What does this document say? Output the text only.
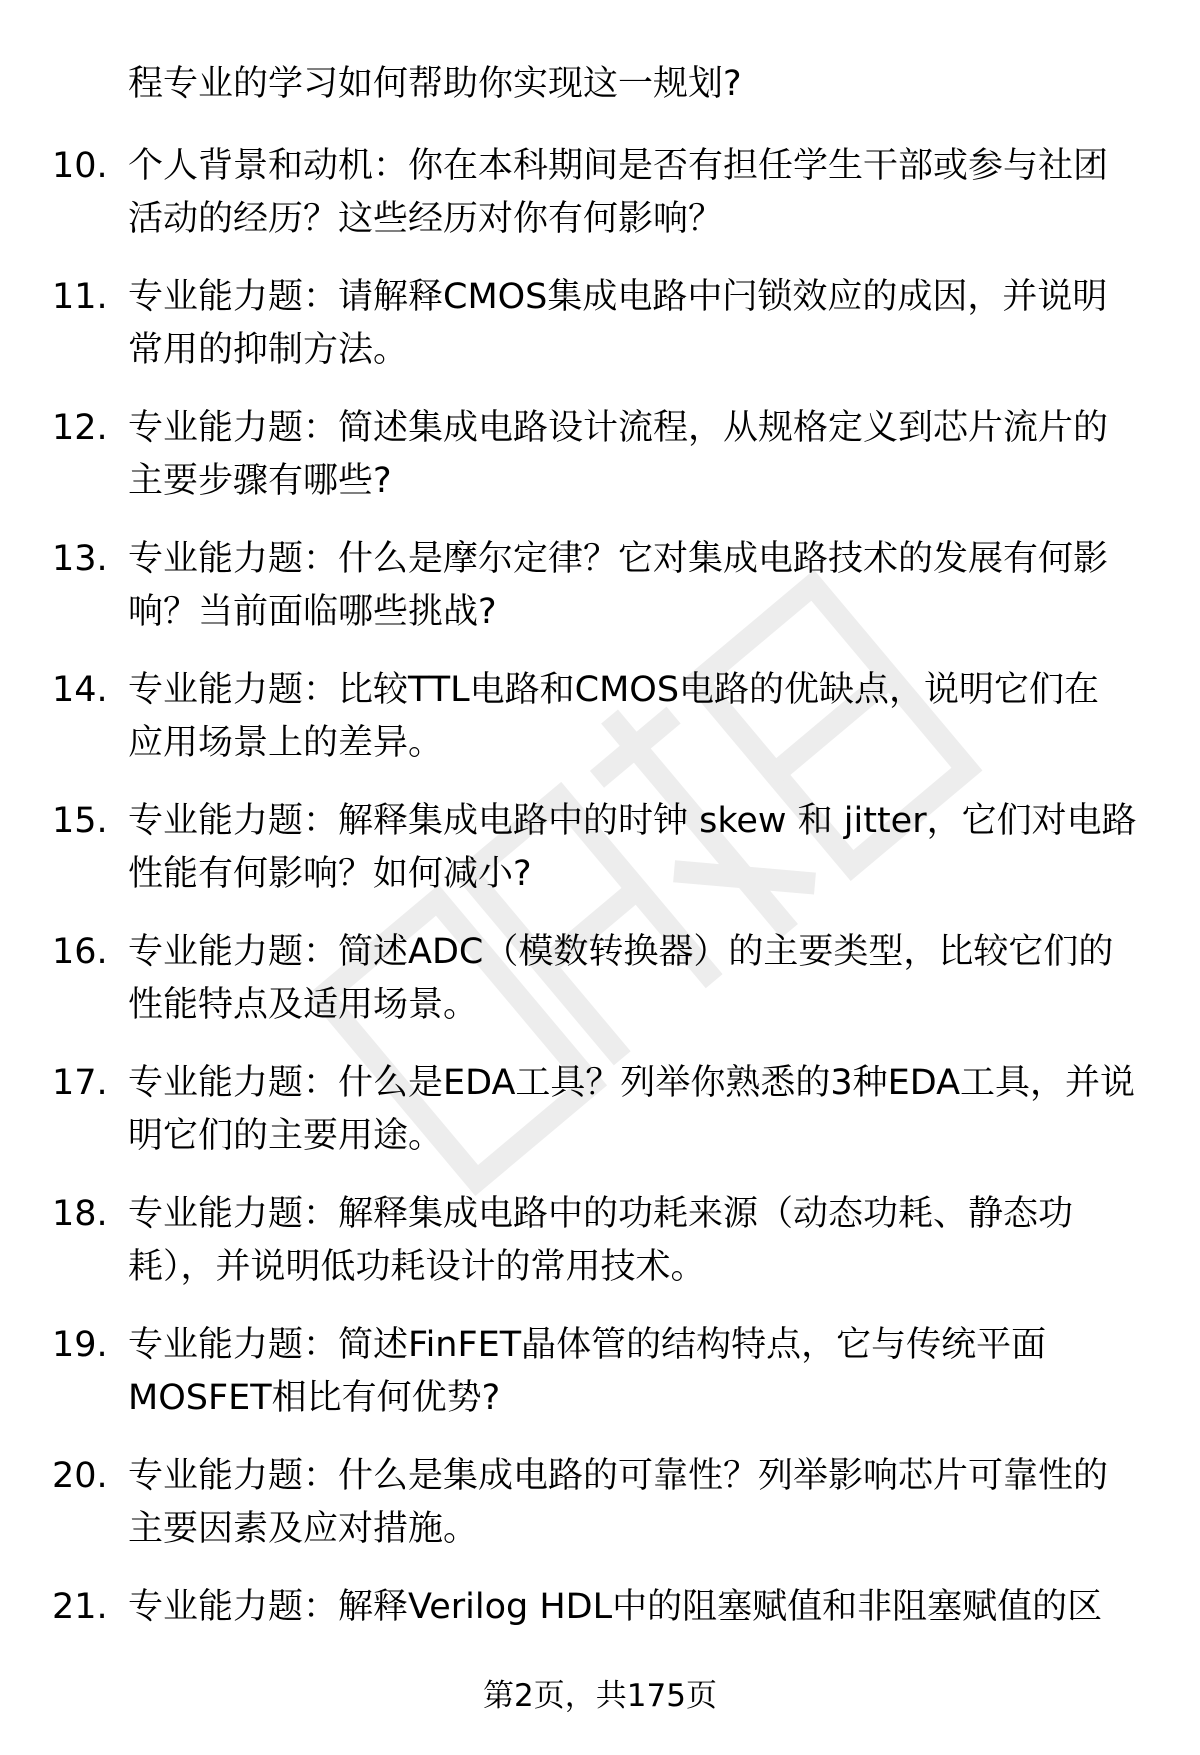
程专业的学习如何帮助你实现这一规划?
10. 个人背景和动机：你在本科期间是否有担任学生干部或参与社团
活动的经历？这些经历对你有何影响？
11. 专业能力题：请解释CMOS集成电路中闩锁效应的成因，并说明
常用的抑制方法。
12. 专业能力题：简述集成电路设计流程，从规格定义到芯片流片的
主要步骤有哪些?
13. 专业能力题：什么是摩尔定律？它对集成电路技术的发展有何影
响？当前面临哪些挑战?
14. 专业能力题：比较TTL电路和CMOS电路的优缺点，说明它们在
应用场景上的差异。
15. 专业能力题：解释集成电路中的时钟 skew 和 jitter，它们对电路
性能有何影响？如何减小?
16. 专业能力题：简述ADC（模数转换器）的主要类型，比较它们的
性能特点及适用场景。
17. 专业能力题：什么是EDA工具？列举你熟悉的3种EDA工具，并说
明它们的主要用途。
18. 专业能力题：解释集成电路中的功耗来源（动态功耗、静态功
耗），并说明低功耗设计的常用技术。
19. 专业能力题：简述FinFET晶体管的结构特点，它与传统平面
MOSFET相比有何优势?
20. 专业能力题：什么是集成电路的可靠性？列举影响芯片可靠性的
主要因素及应对措施。
21. 专业能力题：解释Verilog HDL中的阻塞赋值和非阻塞赋值的区
第2页，共175页
